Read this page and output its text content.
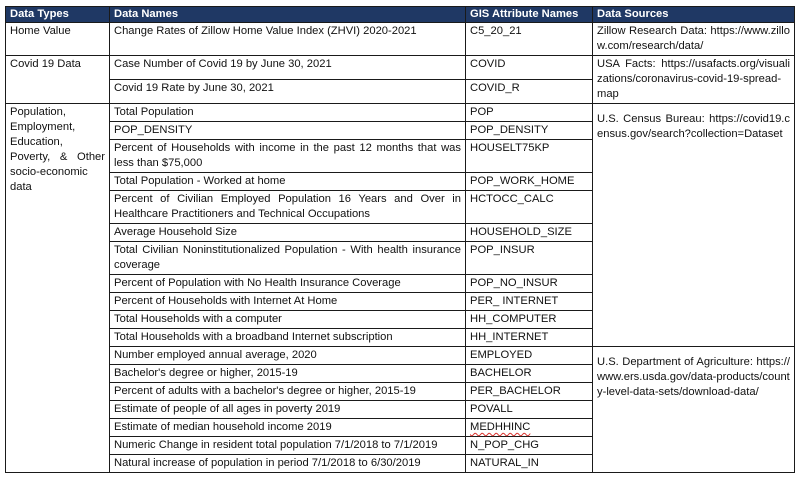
Data Types	Data Names	GIS Attribute Names	Data Sources
Home Value	Change Rates of Zillow Home Value Index (ZHVI) 2020-2021	C5_20_21	Zillow Research Data: https://www.zillow.com/research/data/
Covid 19 Data	Case Number of Covid 19 by June 30, 2021	COVID	USA Facts: https://usafacts.org/visualizations/coronavirus-covid-19-spread-map
	Covid 19 Rate by June 30, 2021	COVID_R	
Population, Employment, Education, Poverty, & Other socio-economic data	Total Population	POP	U.S. Census Bureau: https://covid19.census.gov/search?collection=Dataset
	POP_DENSITY	POP_DENSITY	
	Percent of Households with income in the past 12 months that was less than $75,000	HOUSELT75KP	
	Total Population - Worked at home	POP_WORK_HOME	
	Percent of Civilian Employed Population 16 Years and Over in Healthcare Practitioners and Technical Occupations	HCTOCC_CALC	
	Average Household Size	HOUSEHOLD_SIZE	
	Total Civilian Noninstitutionalized Population - With health insurance coverage	POP_INSUR	
	Percent of Population with No Health Insurance Coverage	POP_NO_INSUR	
	Percent of Households with Internet At Home	PER_ INTERNET	
	Total Households with a computer	HH_COMPUTER	
	Total Households with a broadband Internet subscription	HH_INTERNET	
	Number employed annual average, 2020	EMPLOYED	U.S. Department of Agriculture: https://www.ers.usda.gov/data-products/county-level-data-sets/download-data/
	Bachelor's degree or higher, 2015-19	BACHELOR	
	Percent of adults with a bachelor's degree or higher, 2015-19	PER_BACHELOR	
	Estimate of people of all ages in poverty 2019	POVALL	
	Estimate of median household income 2019	MEDHHINC	
	Numeric Change in resident total population 7/1/2018 to 7/1/2019	N_POP_CHG	
	Natural increase of population in period 7/1/2018 to 6/30/2019	NATURAL_IN	
